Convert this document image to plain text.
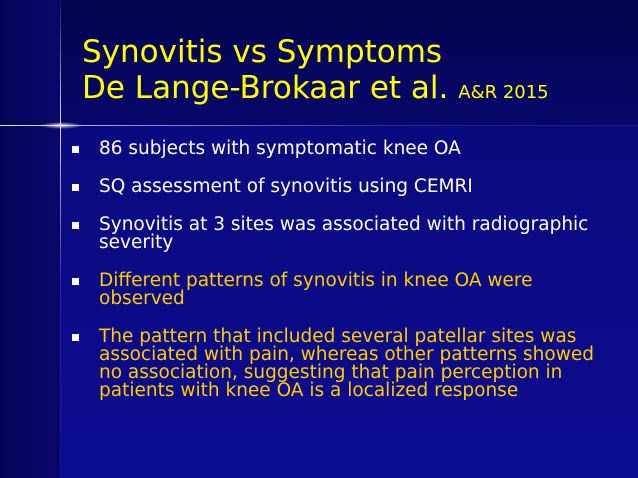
Synovitis vs Symptoms
De Lange-Brokaar et al. A&R 2015
86 subjects with symptomatic knee OA
SQ assessment of synovitis using CEMRI
Synovitis at 3 sites was associated with radiographic severity
Different patterns of synovitis in knee OA were observed
The pattern that included several patellar sites was associated with pain, whereas other patterns showed no association, suggesting that pain perception in patients with knee OA is a localized response
